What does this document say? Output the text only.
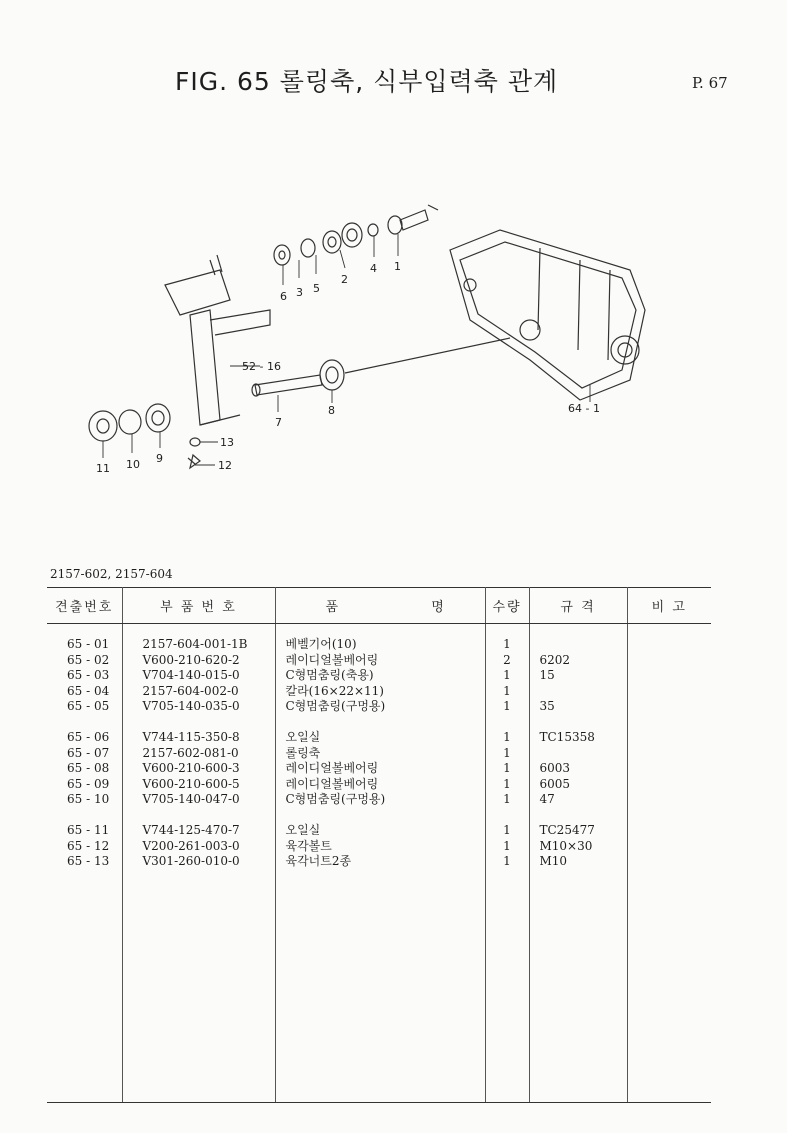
FIG. 65 롤링축, 식부입력축 관계	P. 67
6 3 5
2
4 1
52 - 16
7
8	64 - 1
11 10 9
13
12
2157-602, 2157-604
견출번호	부 품 번 호	품 명	수량	규 격	비 고
65 - 01	2157-604-001-1B	베벨기어(10)	1		
65 - 02	V600-210-620-2	레이디얼볼베어링	2	6202	
65 - 03	V704-140-015-0	C형멈춤링(축용)	1	15	
65 - 04	2157-604-002-0	칼라(16×22×11)	1		
65 - 05	V705-140-035-0	C형멈춤링(구멍용)	1	35	

65 - 06	V744-115-350-8	오일실	1	TC15358	
65 - 07	2157-602-081-0	롤링축	1		
65 - 08	V600-210-600-3	레이디얼볼베어링	1	6003	
65 - 09	V600-210-600-5	레이디얼볼베어링	1	6005	
65 - 10	V705-140-047-0	C형멈춤링(구멍용)	1	47	

65 - 11	V744-125-470-7	오일실	1	TC25477	
65 - 12	V200-261-003-0	육각볼트	1	M10×30	
65 - 13	V301-260-010-0	육각너트2종	1	M10	
